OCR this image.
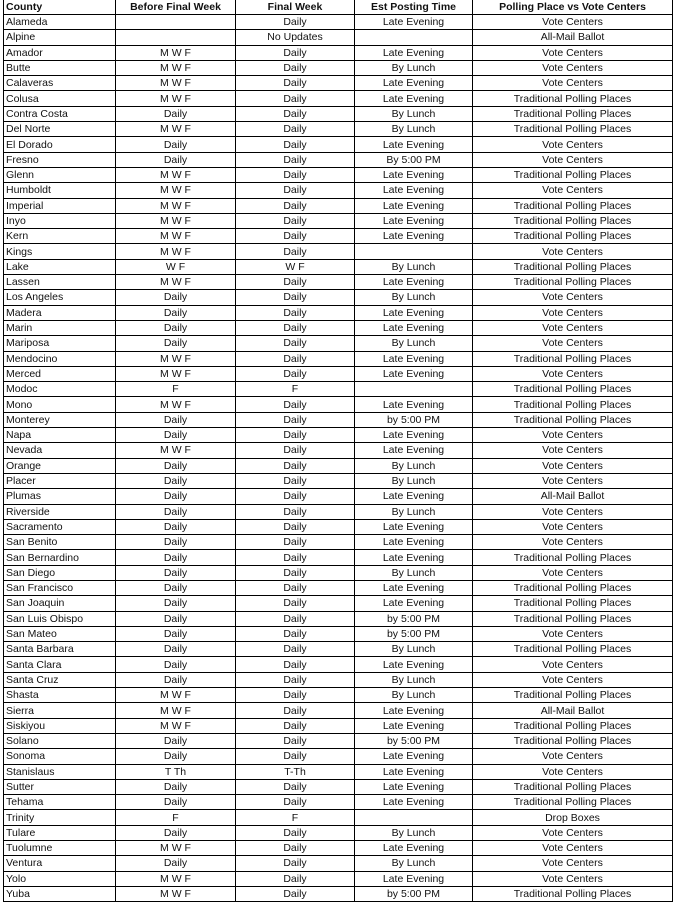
County	Before Final Week	Final Week	Est Posting Time	Polling Place vs Vote Centers
Alameda		Daily	Late Evening	Vote Centers
Alpine		No Updates		All-Mail Ballot
Amador	M W F	Daily	Late Evening	Vote Centers
Butte	M W F	Daily	By Lunch	Vote Centers
Calaveras	M W F	Daily	Late Evening	Vote Centers
Colusa	M W F	Daily	Late Evening	Traditional Polling Places
Contra Costa	Daily	Daily	By Lunch	Traditional Polling Places
Del Norte	M W F	Daily	By Lunch	Traditional Polling Places
El Dorado	Daily	Daily	Late Evening	Vote Centers
Fresno	Daily	Daily	By 5:00 PM	Vote Centers
Glenn	M W F	Daily	Late Evening	Traditional Polling Places
Humboldt	M W F	Daily	Late Evening	Vote Centers
Imperial	M W F	Daily	Late Evening	Traditional Polling Places
Inyo	M W F	Daily	Late Evening	Traditional Polling Places
Kern	M W F	Daily	Late Evening	Traditional Polling Places
Kings	M W F	Daily		Vote Centers
Lake	W F	W F	By Lunch	Traditional Polling Places
Lassen	M W F	Daily	Late Evening	Traditional Polling Places
Los Angeles	Daily	Daily	By Lunch	Vote Centers
Madera	Daily	Daily	Late Evening	Vote Centers
Marin	Daily	Daily	Late Evening	Vote Centers
Mariposa	Daily	Daily	By Lunch	Vote Centers
Mendocino	M W F	Daily	Late Evening	Traditional Polling Places
Merced	M W F	Daily	Late Evening	Vote Centers
Modoc	F	F		Traditional Polling Places
Mono	M W F	Daily	Late Evening	Traditional Polling Places
Monterey	Daily	Daily	by 5:00 PM	Traditional Polling Places
Napa	Daily	Daily	Late Evening	Vote Centers
Nevada	M W F	Daily	Late Evening	Vote Centers
Orange	Daily	Daily	By Lunch	Vote Centers
Placer	Daily	Daily	By Lunch	Vote Centers
Plumas	Daily	Daily	Late Evening	All-Mail Ballot
Riverside	Daily	Daily	By Lunch	Vote Centers
Sacramento	Daily	Daily	Late Evening	Vote Centers
San Benito	Daily	Daily	Late Evening	Vote Centers
San Bernardino	Daily	Daily	Late Evening	Traditional Polling Places
San Diego	Daily	Daily	By Lunch	Vote Centers
San Francisco	Daily	Daily	Late Evening	Traditional Polling Places
San Joaquin	Daily	Daily	Late Evening	Traditional Polling Places
San Luis Obispo	Daily	Daily	by 5:00 PM	Traditional Polling Places
San Mateo	Daily	Daily	by 5:00 PM	Vote Centers
Santa Barbara	Daily	Daily	By Lunch	Traditional Polling Places
Santa Clara	Daily	Daily	Late Evening	Vote Centers
Santa Cruz	Daily	Daily	By Lunch	Vote Centers
Shasta	M W F	Daily	By Lunch	Traditional Polling Places
Sierra	M W F	Daily	Late Evening	All-Mail Ballot
Siskiyou	M W F	Daily	Late Evening	Traditional Polling Places
Solano	Daily	Daily	by 5:00 PM	Traditional Polling Places
Sonoma	Daily	Daily	Late Evening	Vote Centers
Stanislaus	T Th	T-Th	Late Evening	Vote Centers
Sutter	Daily	Daily	Late Evening	Traditional Polling Places
Tehama	Daily	Daily	Late Evening	Traditional Polling Places
Trinity	F	F		Drop Boxes
Tulare	Daily	Daily	By Lunch	Vote Centers
Tuolumne	M W F	Daily	Late Evening	Vote Centers
Ventura	Daily	Daily	By Lunch	Vote Centers
Yolo	M W F	Daily	Late Evening	Vote Centers
Yuba	M W F	Daily	by 5:00 PM	Traditional Polling Places
